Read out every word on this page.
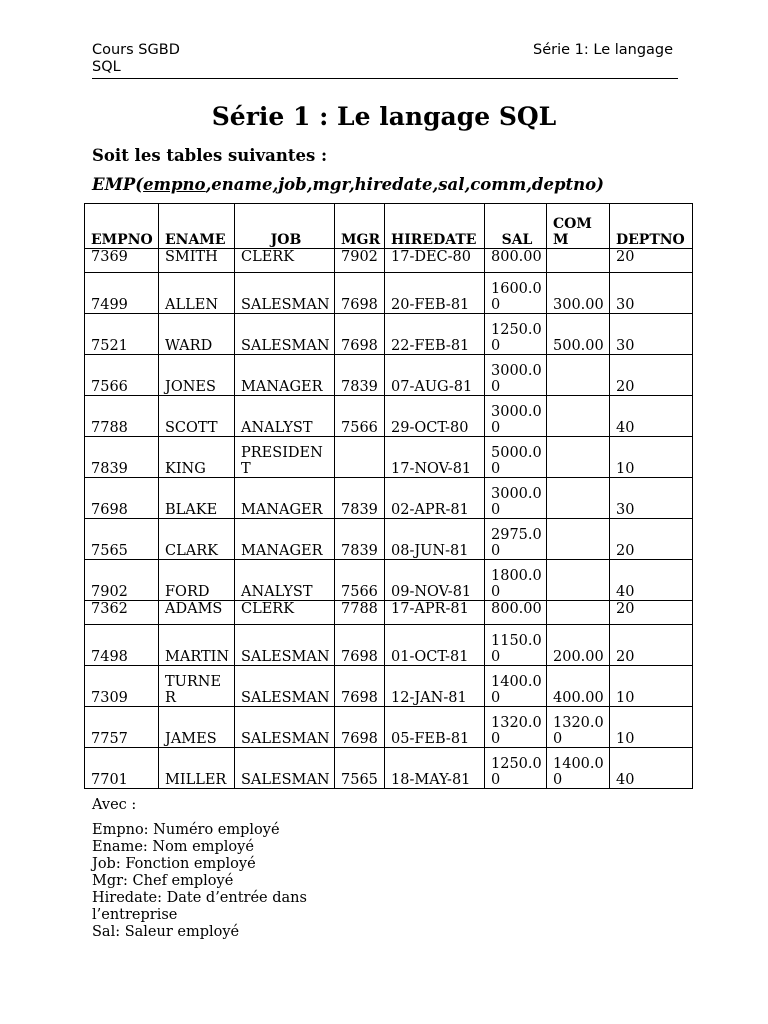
Cours SGBD SQL
Série 1: Le langage
Série 1 : Le langage SQL
Soit les tables suivantes :
EMP(empno,ename,job,mgr,hiredate,sal,comm,deptno)
EMPNO	ENAME	JOB	MGR	HIREDATE	SAL	COMM	DEPTNO
7369	SMITH	CLERK	7902	17-DEC-80	800.00		20
7499	ALLEN	SALESMAN	7698	20-FEB-81	1600.00	300.00	30
7521	WARD	SALESMAN	7698	22-FEB-81	1250.00	500.00	30
7566	JONES	MANAGER	7839	07-AUG-81	3000.00		20
7788	SCOTT	ANALYST	7566	29-OCT-80	3000.00		40
7839	KING	PRESIDENT		17-NOV-81	5000.00		10
7698	BLAKE	MANAGER	7839	02-APR-81	3000.00		30
7565	CLARK	MANAGER	7839	08-JUN-81	2975.00		20
7902	FORD	ANALYST	7566	09-NOV-81	1800.00		40
7362	ADAMS	CLERK	7788	17-APR-81	800.00		20
7498	MARTIN	SALESMAN	7698	01-OCT-81	1150.00	200.00	20
7309	TURNER	SALESMAN	7698	12-JAN-81	1400.00	400.00	10
7757	JAMES	SALESMAN	7698	05-FEB-81	1320.00	1320.00	10
7701	MILLER	SALESMAN	7565	18-MAY-81	1250.00	1400.00	40
Avec :
Empno: Numéro employé
Ename: Nom employé
Job: Fonction employé
Mgr: Chef employé
Hiredate: Date d’entrée dans l’entreprise
Sal: Saleur employé
